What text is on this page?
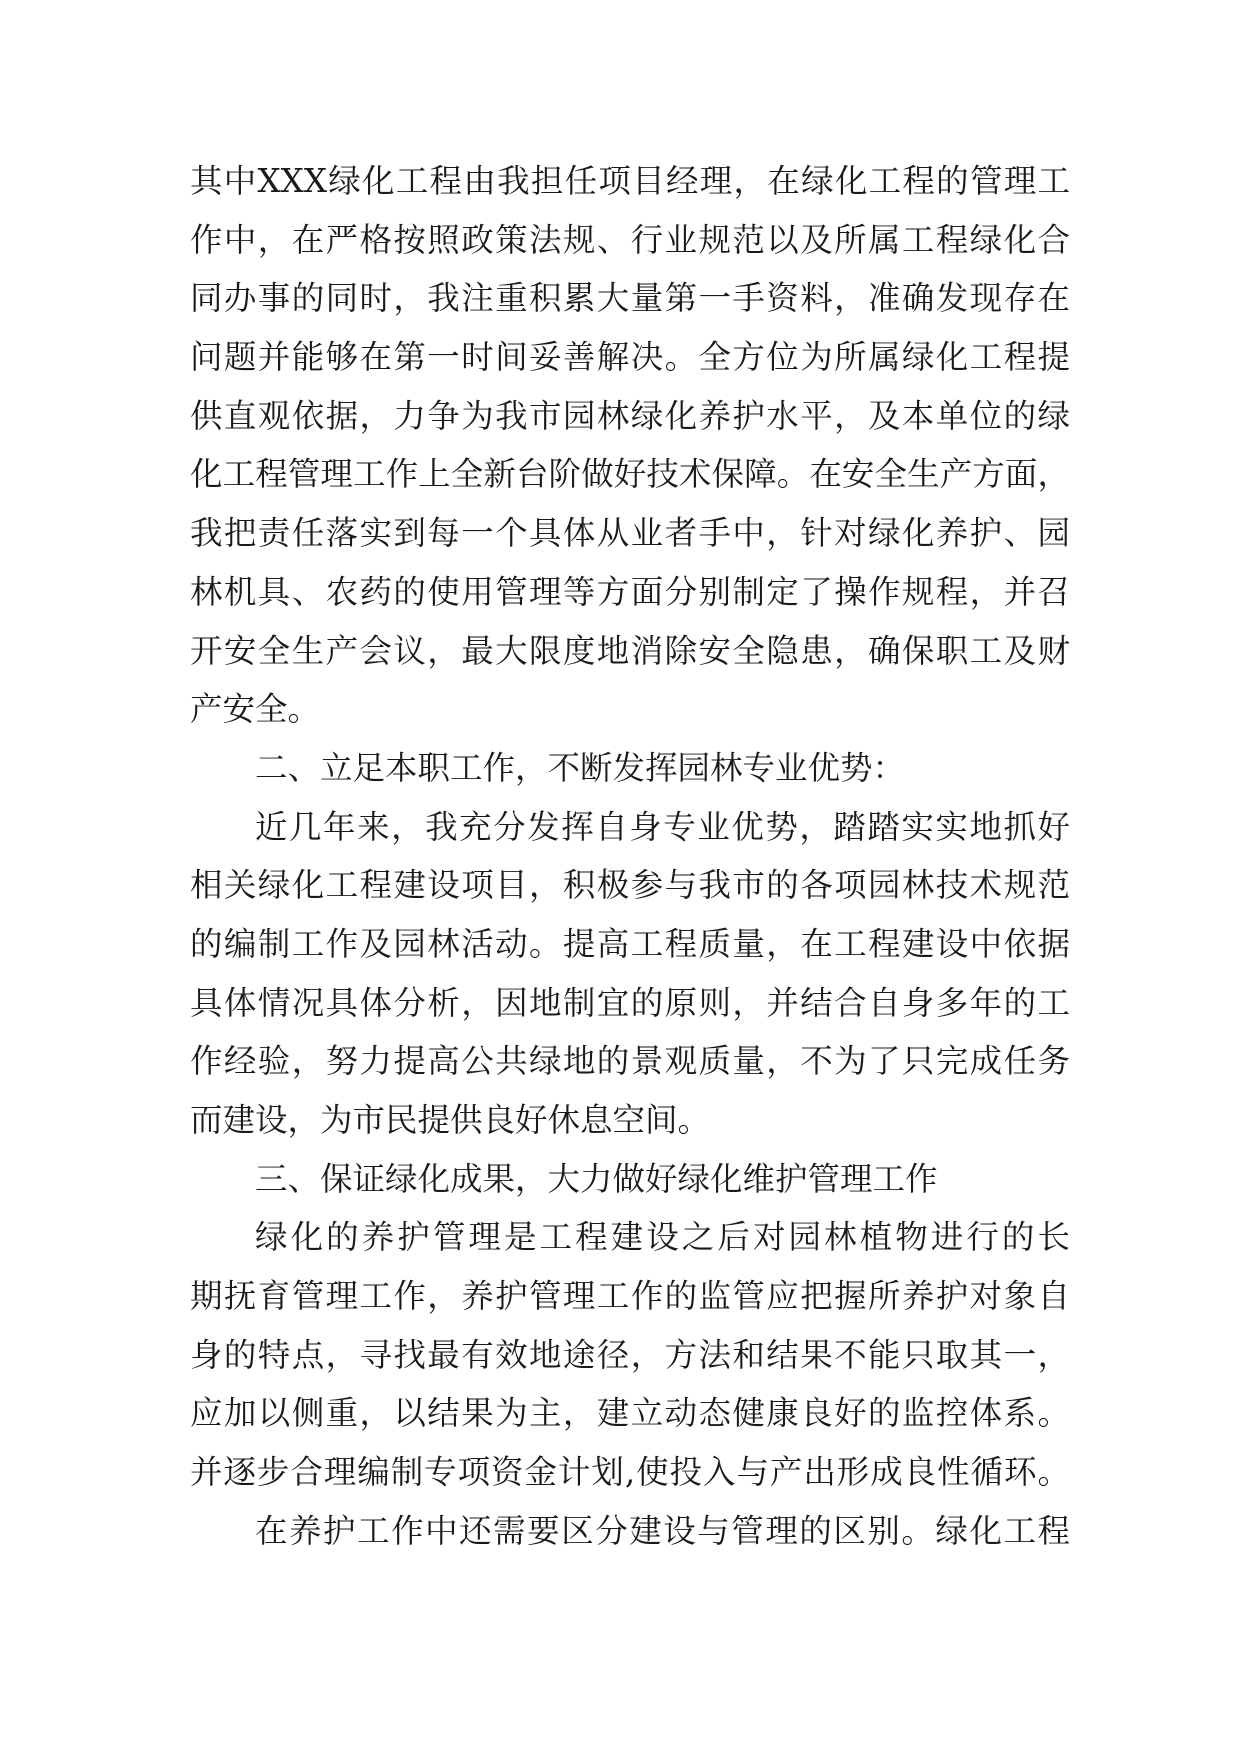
其中XXX绿化工程由我担任项目经理，在绿化工程的管理工
作中，在严格按照政策法规、行业规范以及所属工程绿化合
同办事的同时，我注重积累大量第一手资料，准确发现存在
问题并能够在第一时间妥善解决。全方位为所属绿化工程提
供直观依据，力争为我市园林绿化养护水平，及本单位的绿
化工程管理工作上全新台阶做好技术保障。在安全生产方面，
我把责任落实到每一个具体从业者手中，针对绿化养护、园
林机具、农药的使用管理等方面分别制定了操作规程，并召
开安全生产会议，最大限度地消除安全隐患，确保职工及财
产安全。
二、立足本职工作，不断发挥园林专业优势：
近几年来，我充分发挥自身专业优势，踏踏实实地抓好
相关绿化工程建设项目，积极参与我市的各项园林技术规范
的编制工作及园林活动。提高工程质量，在工程建设中依据
具体情况具体分析，因地制宜的原则，并结合自身多年的工
作经验，努力提高公共绿地的景观质量，不为了只完成任务
而建设，为市民提供良好休息空间。
三、保证绿化成果，大力做好绿化维护管理工作
绿化的养护管理是工程建设之后对园林植物进行的长
期抚育管理工作，养护管理工作的监管应把握所养护对象自
身的特点，寻找最有效地途径，方法和结果不能只取其一，
应加以侧重，以结果为主，建立动态健康良好的监控体系。
并逐步合理编制专项资金计划,使投入与产出形成良性循环。
在养护工作中还需要区分建设与管理的区别。绿化工程
